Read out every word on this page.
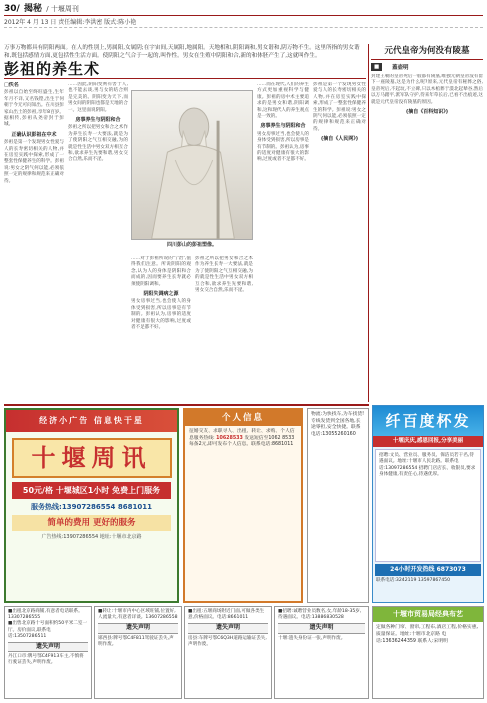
30/ 揭秘 / 十堰周刊
2012年 4 月 13 日 责任编辑:李洪密 版式:陈小艳
万事万物都具有阴阳两面。在人的性别上,男属阳,女属阴;在宇宙间,天属阳,地属阳。天地相和,阴阳调和,男女谐和,阴万物不生。这里所指的男女谐和,既包括感情方面,更包括性生活方面。使阴阳之气合于一起的,叫作性。男女在生殖中阴阳和合,新的和体胚产生了,这就叫作生。
彭祖的养生术
□佚名
彭祖以自始至终旺盛生,生年年月不详,又名钱铿,出生于何朝于今无可问知出。在川县彭家山出土的彭祖,享年8百岁。据相传,彭祖从尧帝封于彭城。
正确认识彭祖在中术
彭祖是第一个发现男女性爱与人的长寿密切相关的人物,并在房室实践中探索,形成了一整套性保健养生的科学。彭祖说:男女之阴气何以能,必须依照一定的规律和规范来正确对待。
……因此,阴阳变则有害于人,也不能去谈,男与女的结合则是完美的。阴阳变为天下,而男女间的阴阳也都是天地的合一。这里面说阴阳。
房事养生与阴阳和合
彭祖之所以把男女和合之术作为养生长寿一大要法,就是为了使阴阳之气互相交融,为的就是性生活中男女双方相互合和,欲求养生先要和谐,男女交合自然,乐而不淫。
四川彭山的彭祖塑像。
……对于彭祖所说的'宁治',值得我们注意。所说阴阳的观念,认为人的身体是阴阳和合而成的,因而要养生长寿就必须使阴阳调和。
阴阳失调病之源
男女房事过当,也会使人的身体受到损害,所以房事是有节制的。彭祖认为,房事的适度对健康有很大的影响,过度或者不足都不好。
彭祖之所以把男女和合之术作为养生长寿一大要法,就是为了使阴阳之气互相交融,为的就是性生活中男女双方相互合和,欲求养生先要和谐,男女交合自然,乐而不淫。
……而在现代,人们的养生方式更加重视科学与健康。彭祖的房中术主要追求的是男女和谐,阴阳调和,这和现代人的养生观点是一致的。
房事养生与阴阳和合
男女房事过当,也会使人的身体受到损害,所以房事是有节制的。彭祖认为,房事的适度对健康有很大的影响,过度或者不足都不好。
彭祖是第一个发现男女性爱与人的长寿密切相关的人物,并在房室实践中探索,形成了一整套性保健养生的科学。彭祖说:男女之阴气何以能,必须依照一定的规律和规范来正确对待。
(摘自《人民网》)
元代皇帝为何没有陵墓
■	蓋壶明
封建王朝的皇帝死后一般都有陵墓,唯独元朝皇帝没有留下一座陵墓,这是为什么呢?原来,元代皇帝有秘葬之俗,皇帝死后,不起坟,不立碑,只以木棺葬于漠北起辇谷,然后以万马踏平,派军队守护,待来年草长后,已看不出痕迹,这就是元代皇帝没有陵墓的原因。
(摘自《百科知识》)
经济小广告 信息快干星
十堰周讯
50元/格 十堰城区1小时 免费上门服务
服务热线:13907286554 8681011
简单的费用 更好的服务
广告热线:13907286554 地址:十堰市北京路
个人信息
征婚交友、求职寻人、出租、转让、求购、个人信息服务热线: 10628533 发送短信至1062 8533 每条2元,即可发布个人信息。联系电话:8681011
物流:为快找车,为车找货!专线发货到全国各地,长途零担,安全快捷。联系电话:13055260160
纤百度杯发
十堰庆庆,感恩回报,分享美丽
招聘:文员、营业员、服务员、保洁员若干名,待遇面议。地址:十堰市人民北路。联系电话:13097286554 招聘门店店长、收银员,要求身体健康,有责任心,待遇优厚。
24小时开发热线 6873073
联系电话:3242119 13597867450
■出租北京路商铺,有意者电话联系。13307286555
■出售北京路十号面积约50平米二室一厅。房价面议,联系电话:13507286511
遗失声明
丹江口市:牌号鄂C4F913车主,不慎将行驶证丢失,声明作废。
■转让:十堰市内中心区域旺铺,位置好,人流量大,有意者详谈。13607286558
遗失声明
郧西县:牌号鄂C4F811驾驶证丢失,声明作废。
■出租:五堰商场附近门面,可做各类生意,价格面议。电话:8661011
遗失声明
房县:车牌号鄂C6Q3H道路运输证丢失,声明作废。
■招聘:诚聘营业员数名,女,年龄18-35岁,待遇面议。电话:13886830528
遗失声明
十堰:遗失身份证一张,声明作废。
十堰市贸易局经典布艺
定做各种门帘、窗帘,工程布,酒店工程,价格实惠,质量保证。地址:十堰市北京路 电话:13636244359 联系人:宋明明
